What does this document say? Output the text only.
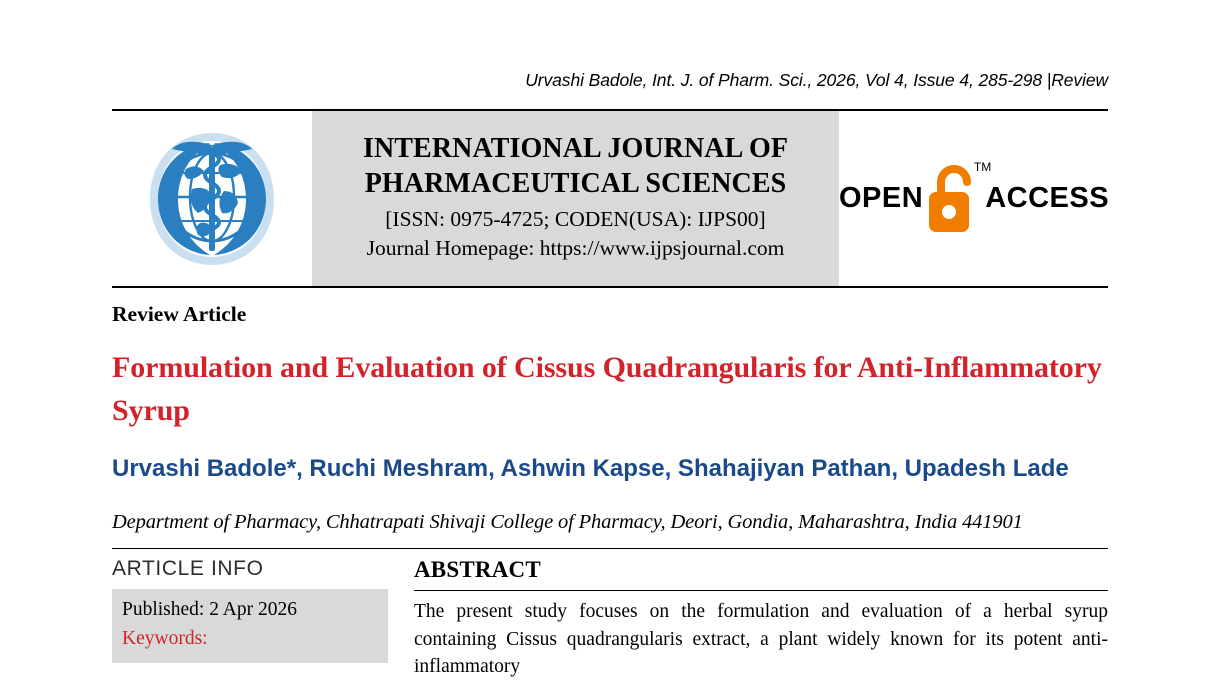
Urvashi Badole, Int. J. of Pharm. Sci., 2026, Vol 4, Issue 4, 285-298 |Review
INTERNATIONAL JOURNAL OF
PHARMACEUTICAL SCIENCES
[ISSN: 0975-4725; CODEN(USA): IJPS00]
Journal Homepage: https://www.ijpsjournal.com
OPEN
TM
ACCESS
Review Article
Formulation and Evaluation of Cissus Quadrangularis for Anti-Inflammatory Syrup
Urvashi Badole*, Ruchi Meshram, Ashwin Kapse, Shahajiyan Pathan, Upadesh Lade
Department of Pharmacy, Chhatrapati Shivaji College of Pharmacy, Deori, Gondia, Maharashtra, India 441901
ARTICLE INFO
Published: 2 Apr 2026
Keywords:
ABSTRACT
The present study focuses on the formulation and evaluation of a herbal syrup containing Cissus quadrangularis extract, a plant widely known for its potent anti-inflammatory
